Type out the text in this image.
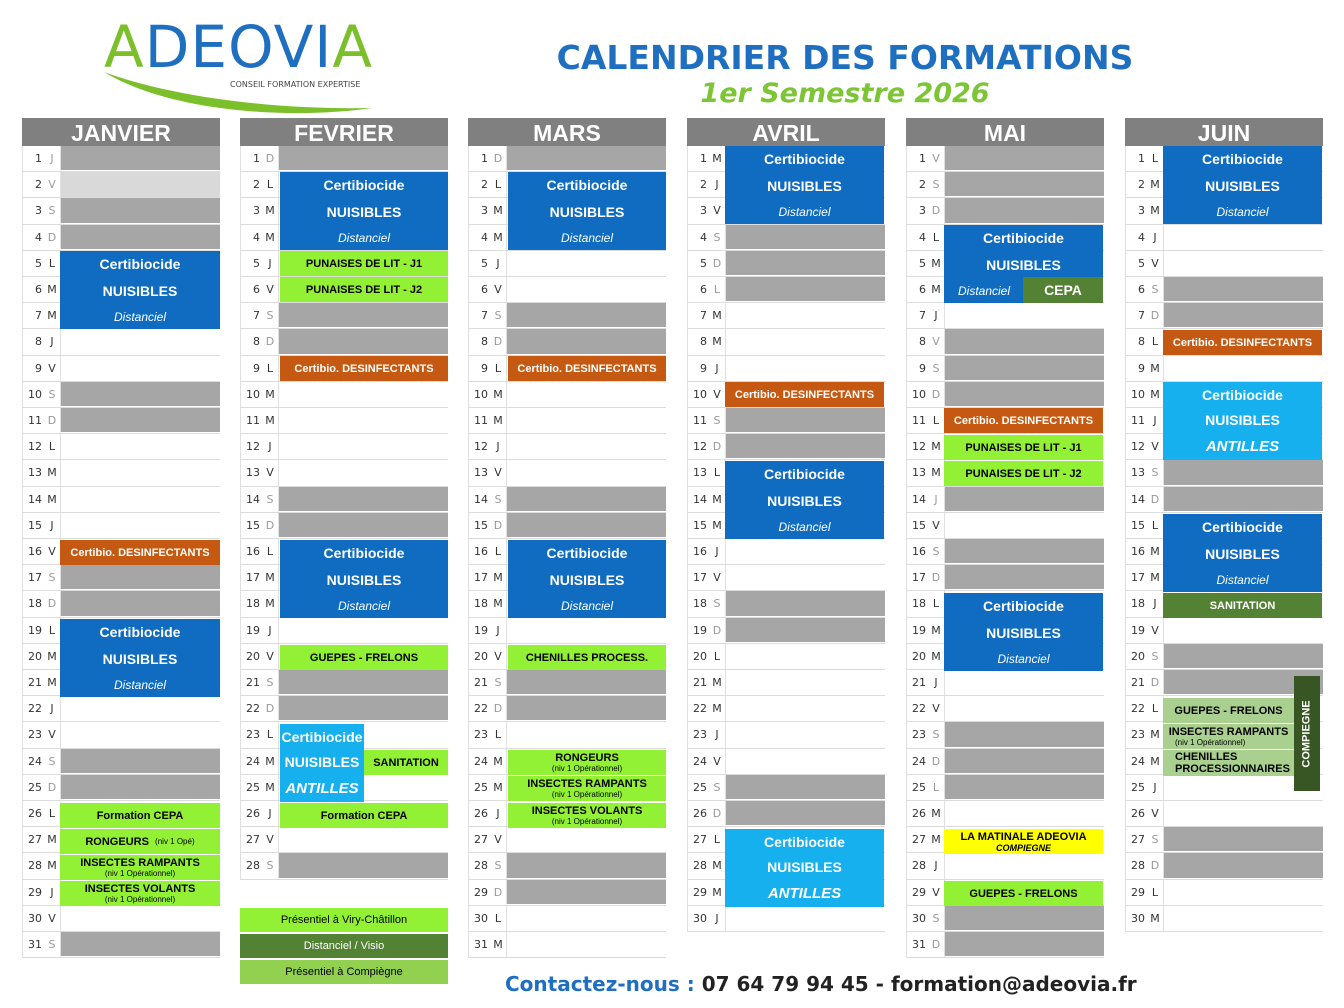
ADEOVIA
CONSEIL FORMATION EXPERTISE
CALENDRIER DES FORMATIONS
1er Semestre 2026
JANVIER
1 J
2 V
3 S
4 D
5 L
6 M
7 M
8 J
9 V
10 S
11 D
12 L
13 M
14 M
15 J
16 V
17 S
18 D
19 L
20 M
21 M
22 J
23 V
24 S
25 D
26 L
27 M
28 M
29 J
30 V
31 S
FEVRIER
1 D
2 L
3 M
4 M
5 J
6 V
7 S
8 D
9 L
10 M
11 M
12 J
13 V
14 S
15 D
16 L
17 M
18 M
19 J
20 V
21 S
22 D
23 L
24 M
25 M
26 J
27 V
28 S
MARS
1 D
2 L
3 M
4 M
5 J
6 V
7 S
8 D
9 L
10 M
11 M
12 J
13 V
14 S
15 D
16 L
17 M
18 M
19 J
20 V
21 S
22 D
23 L
24 M
25 M
26 J
27 V
28 S
29 D
30 L
31 M
AVRIL
1 M
2 J
3 V
4 S
5 D
6 L
7 M
8 M
9 J
10 V
11 S
12 D
13 L
14 M
15 M
16 J
17 V
18 S
19 D
20 L
21 M
22 M
23 J
24 V
25 S
26 D
27 L
28 M
29 M
30 J
MAI
1 V
2 S
3 D
4 L
5 M
6 M
7 J
8 V
9 S
10 D
11 L
12 M
13 M
14 J
15 V
16 S
17 D
18 L
19 M
20 M
21 J
22 V
23 S
24 D
25 L
26 M
27 M
28 J
29 V
30 S
31 D
JUIN
1 L
2 M
3 M
4 J
5 V
6 S
7 D
8 L
9 M
10 M
11 J
12 V
13 S
14 D
15 L
16 M
17 M
18 J
19 V
20 S
21 D
22 L
23 M
24 M
25 J
26 V
27 S
28 D
29 L
30 M
Certibiocide
NUISIBLES
Distanciel
Certibio. DESINFECTANTS
Certibiocide
NUISIBLES
Distanciel
Formation CEPA
RONGEURS
(niv 1 Opé)
INSECTES RAMPANTS
(niv 1 Opérationnel)
INSECTES VOLANTS
(niv 1 Opérationnel)
Certibiocide
NUISIBLES
Distanciel
PUNAISES DE LIT - J1
PUNAISES DE LIT - J2
Certibio. DESINFECTANTS
Certibiocide
NUISIBLES
Distanciel
GUEPES - FRELONS
Certibiocide
NUISIBLES
ANTILLES
SANITATION
Formation CEPA
Certibiocide
NUISIBLES
Distanciel
Certibio. DESINFECTANTS
Certibiocide
NUISIBLES
Distanciel
CHENILLES PROCESS.
RONGEURS
(niv 1 Opérationnel)
INSECTES RAMPANTS
(niv 1 Opérationnel)
INSECTES VOLANTS
(niv 1 Opérationnel)
Certibiocide
NUISIBLES
Distanciel
Certibio. DESINFECTANTS
Certibiocide
NUISIBLES
Distanciel
Certibiocide
NUISIBLES
ANTILLES
Certibiocide
NUISIBLES
Distanciel	CEPA
Certibio. DESINFECTANTS
PUNAISES DE LIT - J1
PUNAISES DE LIT - J2
Certibiocide
NUISIBLES
Distanciel
LA MATINALE ADEOVIA
COMPIEGNE
GUEPES - FRELONS
Certibiocide
NUISIBLES
Distanciel
Certibio. DESINFECTANTS
Certibiocide
NUISIBLES
ANTILLES
Certibiocide
NUISIBLES
Distanciel
SANITATION
GUEPES - FRELONS
INSECTES RAMPANTS
(niv 1 Opérationnel)
CHENILLES
PROCESSIONNAIRES
COMPIEGNE
Présentiel à Viry-Châtillon
Distanciel / Visio
Présentiel à Compiègne	Contactez-nous : 07 64 79 94 45 - formation@adeovia.fr
